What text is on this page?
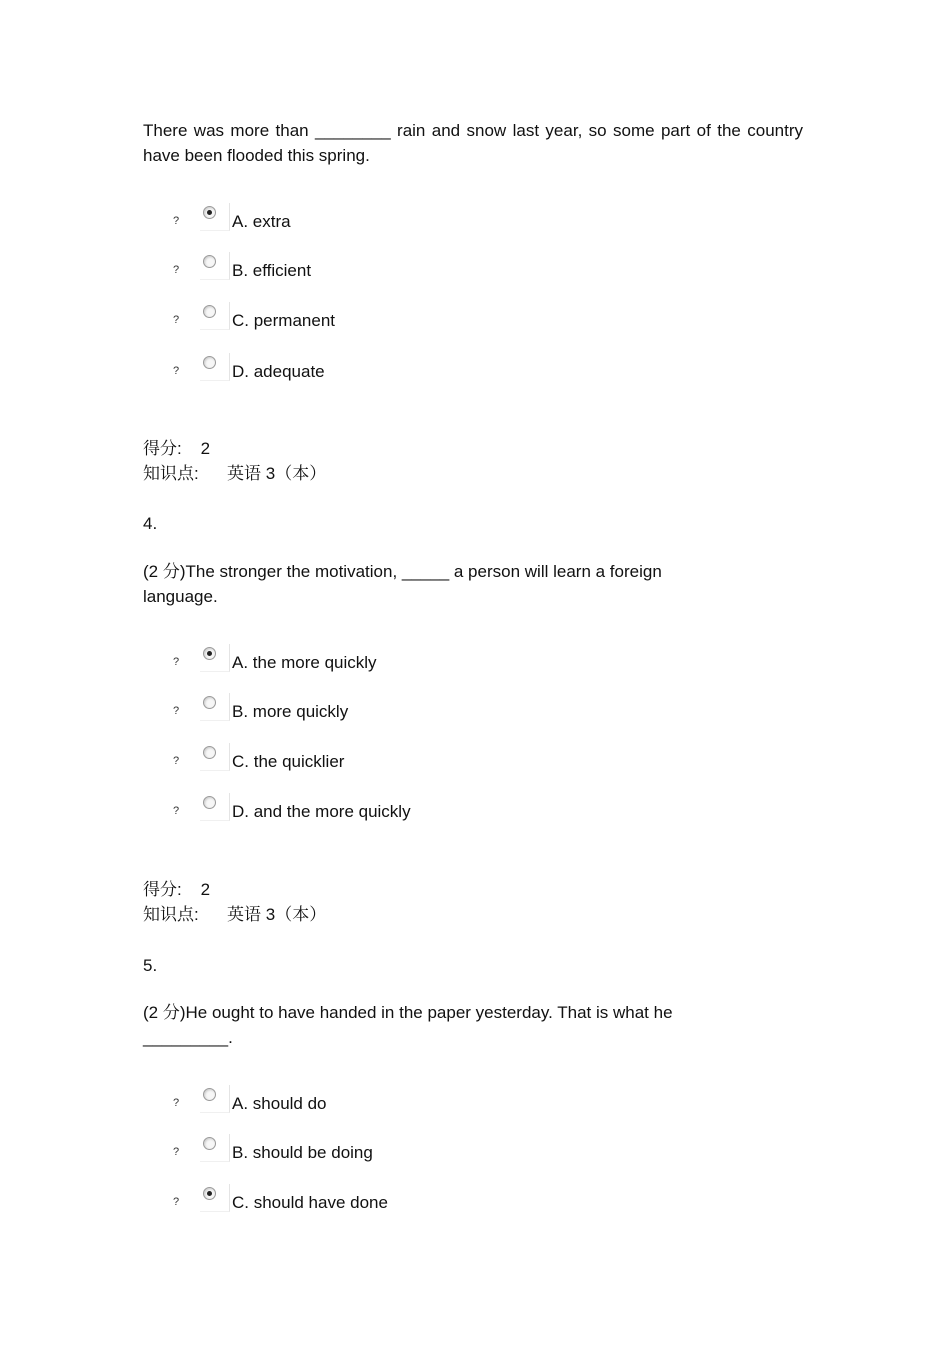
There was more than ________ rain and snow last year, so some part of the country have been flooded this spring.
?	A. extra
?	B. efficient
?	C. permanent
?	D. adequate
得分:    2
知识点:      英语 3（本）
4.
(2 分)The stronger the motivation, _____ a person will learn a foreign language.
?	A. the more quickly
?	B. more quickly
?	C. the quicklier
?	D. and the more quickly
得分:    2
知识点:      英语 3（本）
5.
(2 分)He ought to have handed in the paper yesterday. That is what he _________.
?	A. should do
?	B. should be doing
?	C. should have done
